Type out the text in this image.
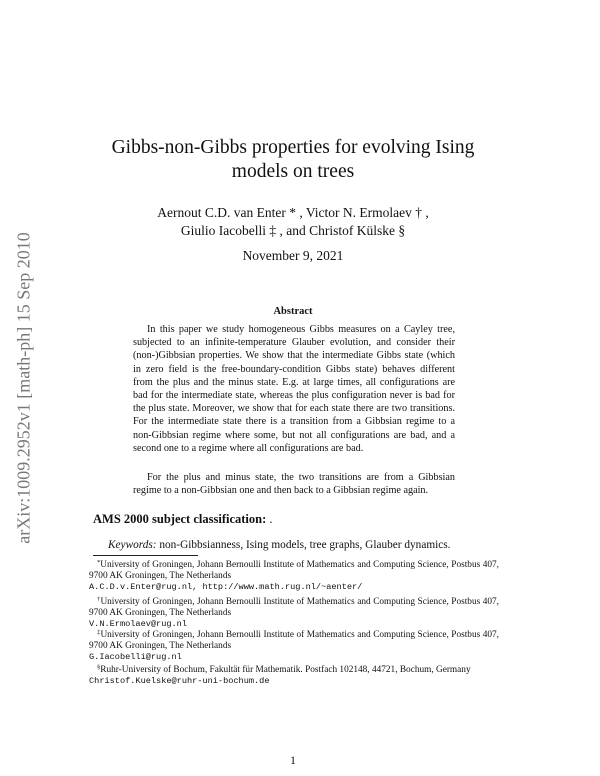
arXiv:1009.2952v1 [math-ph] 15 Sep 2010
Gibbs-non-Gibbs properties for evolving Ising models on trees
Aernout C.D. van Enter * , Victor N. Ermolaev † ,
Giulio Iacobelli ‡ , and Christof Külske §
November 9, 2021
Abstract

In this paper we study homogeneous Gibbs measures on a Cayley tree, subjected to an infinite-temperature Glauber evolution, and consider their (non-)Gibbsian properties. We show that the intermediate Gibbs state (which in zero field is the free-boundary-condition Gibbs state) behaves different from the plus and the minus state. E.g. at large times, all configurations are bad for the intermediate state, whereas the plus configuration never is bad for the plus state. Moreover, we show that for each state there are two transitions. For the intermediate state there is a transition from a Gibbsian regime to a non-Gibbsian regime where some, but not all configurations are bad, and a second one to a regime where all configurations are bad.

For the plus and minus state, the two transitions are from a Gibbsian regime to a non-Gibbsian one and then back to a Gibbsian regime again.

AMS 2000 subject classification: .
Keywords: non-Gibbsianness, Ising models, tree graphs, Glauber dynamics.
*University of Groningen, Johann Bernoulli Institute of Mathematics and Computing Science, Postbus 407, 9700 AK Groningen, The Netherlands
A.C.D.v.Enter@rug.nl, http://www.math.rug.nl/~aenter/
†University of Groningen, Johann Bernoulli Institute of Mathematics and Computing Science, Postbus 407, 9700 AK Groningen, The Netherlands
V.N.Ermolaev@rug.nl
‡University of Groningen, Johann Bernoulli Institute of Mathematics and Computing Science, Postbus 407, 9700 AK Groningen, The Netherlands
G.Iacobelli@rug.nl
§Ruhr-University of Bochum, Fakultät für Mathematik. Postfach 102148, 44721, Bochum, Germany
Christof.Kuelske@ruhr-uni-bochum.de
1
